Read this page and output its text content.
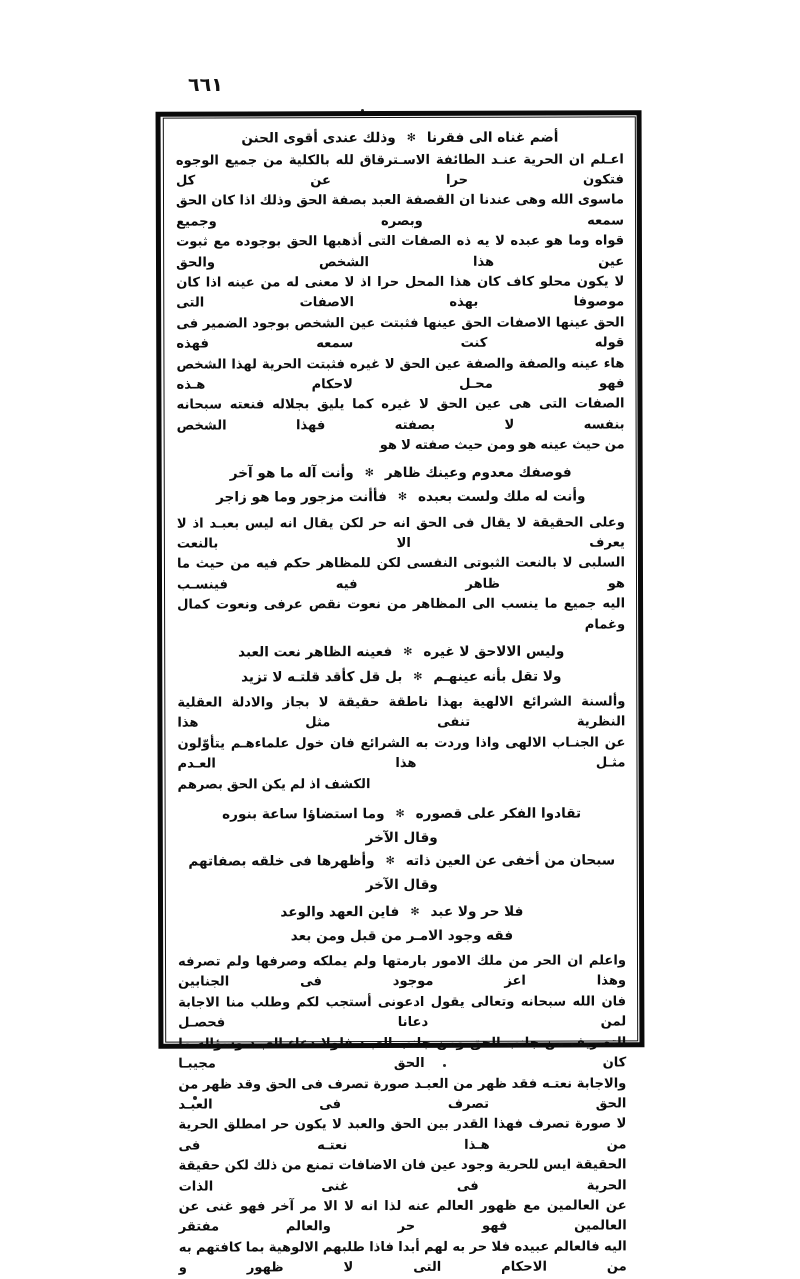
٦٦١
أضم غناه الى فقرنا✻وذلك عندى أقوى الحنن
اعـلم ان الحرية عنـد الطائفة الاسـترقاق لله بالكلية من جميع الوجوه فتكون حرا عن كل
ماسوى الله وهى عندنا ان القصفة العبد بصفة الحق وذلك اذا كان الحق سمعه وبصره وجميع
قواه وما هو عبده لا يه ذه الصفات التى أذهبها الحق بوجوده مع ثبوت عين هذا الشخص والحق
لا يكون محلو كاف كان هذا المحل حرا اذ لا معنى له من عينه اذا كان موصوفا بهذه الاصفات التى
الحق عينها الاصفات الحق عينها فثبتت عين الشخص بوجود الضمير فى قوله كنت سمعه فهذه
هاء عينه والصفة والصفة عين الحق لا غيره فثبتت الحرية لهذا الشخص فهو محـل لاحكام هـذه
الصفات التى هى عين الحق لا غيره كما يليق بجلاله فنعته سبحانه بنفسه لا بصفته فهذا الشخص
من حيث عينه هو ومن حيث صفته لا هو
فوصفك معدوم وعينك ظاهر✻وأنت آله ما هو آخر
وأنت له ملك ولست بعبده✻فأأنت مزجور وما هو زاجر
وعلى الحقيقة لا يقال فى الحق انه حر لكن يقال انه ليس بعبـد اذ لا يعرف الا بالنعت
السلبى لا بالنعت الثبوتى النفسى لكن للمظاهر حكم فيه من حيث ما هو ظاهر فيه فينسـب
اليه جميع ما ينسب الى المظاهر من نعوت نقص عرفى ونعوت كمال وغمام
وليس الالاحق لا غيره✻فعينه الظاهر نعت العبد
ولا تقل بأنه عينهـم✻بل قل كأقد قلتـه لا تزيد
وألسنة الشرائع الالهية بهذا ناطقة حقيقة لا بجاز والادلة العقلية النظرية تنفى مثل هذا
عن الجنـاب الالهى واذا وردت به الشرائع فان خول علماءهـم يتأوّلون مثـل هذا العـدم
الكشف اذ لم يكن الحق بصرهم
تقادوا الفكر على قصوره✻وما استضاؤا ساعة بنوره
وقال الآخر
سبحان من أخفى عن العين ذاته✻وأظهرها فى خلقه بصفاتهم
وقال الآخر
فلا حر ولا عبد✻فاين العهد والوعد
فقه وجود الامـر من قبل ومن بعد
واعلم ان الحر من ملك الامور بارمتها ولم يملكه وصرفها ولم تصرفه وهذا اعز موجود فى الجنابين
فان الله سبحانه وتعالى يقول ادعونى أستجب لكم وطلب منا الاجابة لمن دعانا فحصـل
التصريف من جانب الحق ومن جانب العبـد فلولا دعاء العبـد وسؤاله ما كان الحق مجيبـا
والاجابة نعتـه فقد ظهر من العبـد صورة تصرف فى الحق وقد ظهر من الحق تصرف فى العبـد
لا صورة تصرف فهذا القدر بين الحق والعبد لا يكون حر امطلق الحرية من هـذا نعتـه فى
الحقيقة ايس للحرية وجود عين فان الاضافات تمنع من ذلك لكن حقيقة الحرية فى غنى الذات
عن العالمين مع ظهور العالم عنه لذا انه لا الا مر آخر فهو غنى عن العالمين فهو حر والعالم مفتقر
اليه فالعالم عبيده فلا حر به لهم أبدا فاذا طلبهم الالوهية بما كافتهم به من الاحكام التى لا ظهور و
